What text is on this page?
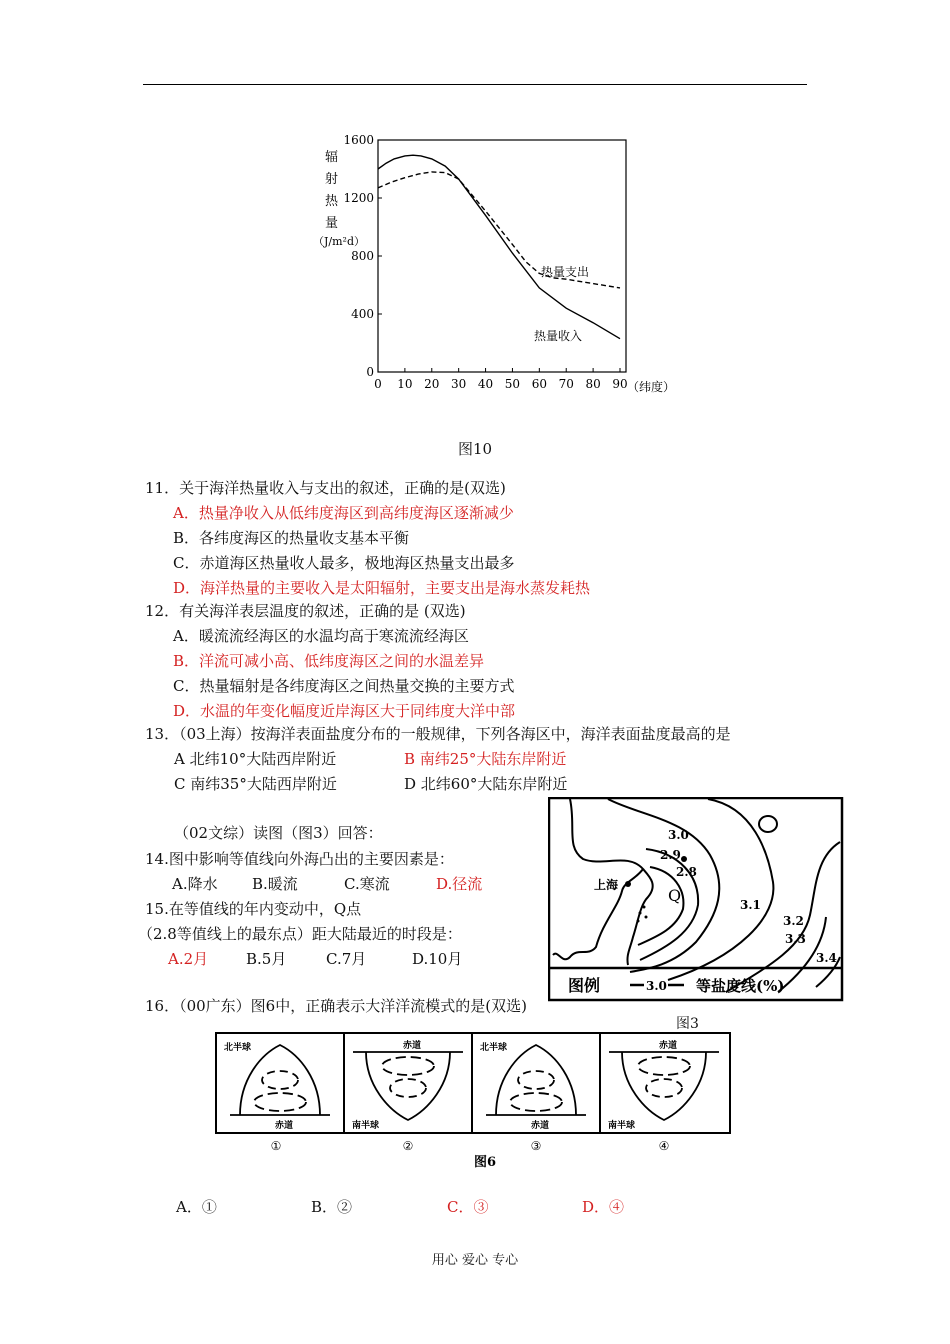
辐
射
热
量
0
400
800
1200
1600
0 10 20 30 40 50 60 70 80 90 （纬度）
（J/m²d）
热量支出
热量收入
图10
11．关于海洋热量收入与支出的叙述，正确的是(双选)
A．热量净收入从低纬度海区到高纬度海区逐渐减少
B．各纬度海区的热量收支基本平衡
C．赤道海区热量收人最多，极地海区热量支出最多
D．海洋热量的主要收入是太阳辐射，主要支出是海水蒸发耗热
12．有关海洋表层温度的叙述，正确的是 (双选)
A．暖流流经海区的水温均高于寒流流经海区
B．洋流可减小高、低纬度海区之间的水温差异
C．热量辐射是各纬度海区之间热量交换的主要方式
D．水温的年变化幅度近岸海区大于同纬度大洋中部
13．（03上海）按海洋表面盐度分布的一般规律，下列各海区中，海洋表面盐度最高的是
A 北纬10°大陆西岸附近	B 南纬25°大陆东岸附近
C 南纬35°大陆西岸附近	D 北纬60°大陆东岸附近
（02文综）读图（图3）回答：
14.图中影响等值线向外海凸出的主要因素是：
A.降水 B.暖流	C.寒流	D.径流
15.在等值线的年内变动中，Q点
（2.8等值线上的最东点）距大陆最近的时段是：
A.2月	B.5月	C.7月	D.10月
上海
Q
3.0
2.9
2.8
3.1
3.2
3.3
3.4
图例	3.0 等盐度线(%)
图3
16．（00广东）图6中，正确表示大洋洋流模式的是(双选)
北半球
赤道
①
赤道
南半球
②
北半球
赤道
③
赤道
南半球
④
图6
A．①	B．②	C．③	D．④
用心 爱心 专心
